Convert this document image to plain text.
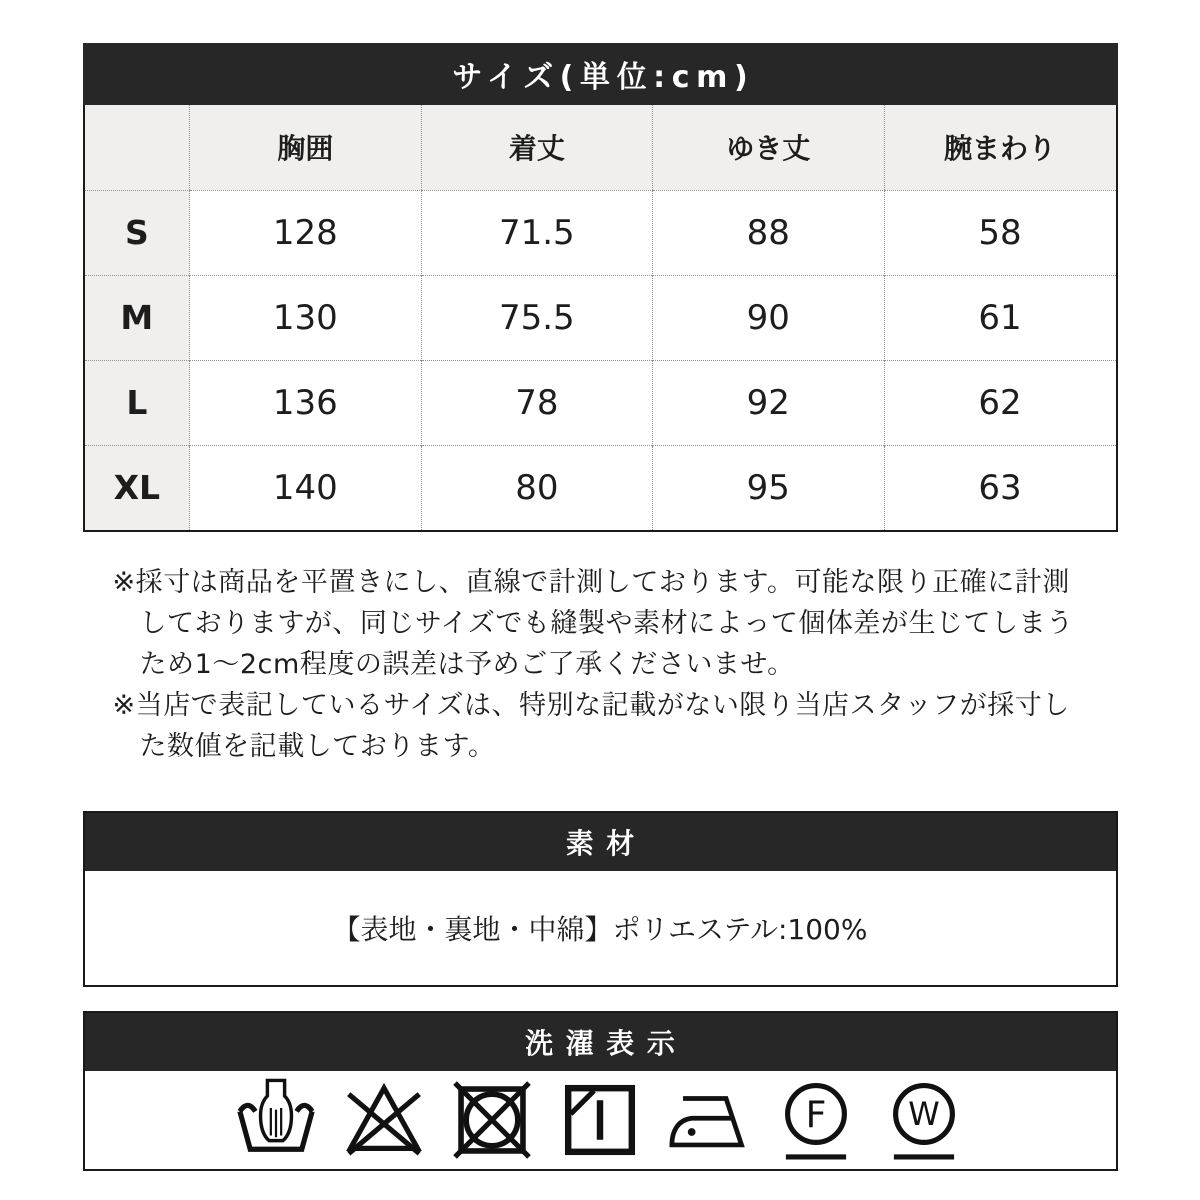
サイズ(単位:cm)
	胸囲	着丈	ゆき丈	腕まわり
S	128	71.5	88	58
M	130	75.5	90	61
L	136	78	92	62
XL	140	80	95	63

※採寸は商品を平置きにし、直線で計測しております。可能な限り正確に計測しておりますが、同じサイズでも縫製や素材によって個体差が生じてしまうため1〜2cm程度の誤差は予めご了承くださいませ。

※当店で表記しているサイズは、特別な記載がない限り当店スタッフが採寸した数値を記載しております。

素材

【表地・裏地・中綿】ポリエステル:100%

洗濯表示
F W
